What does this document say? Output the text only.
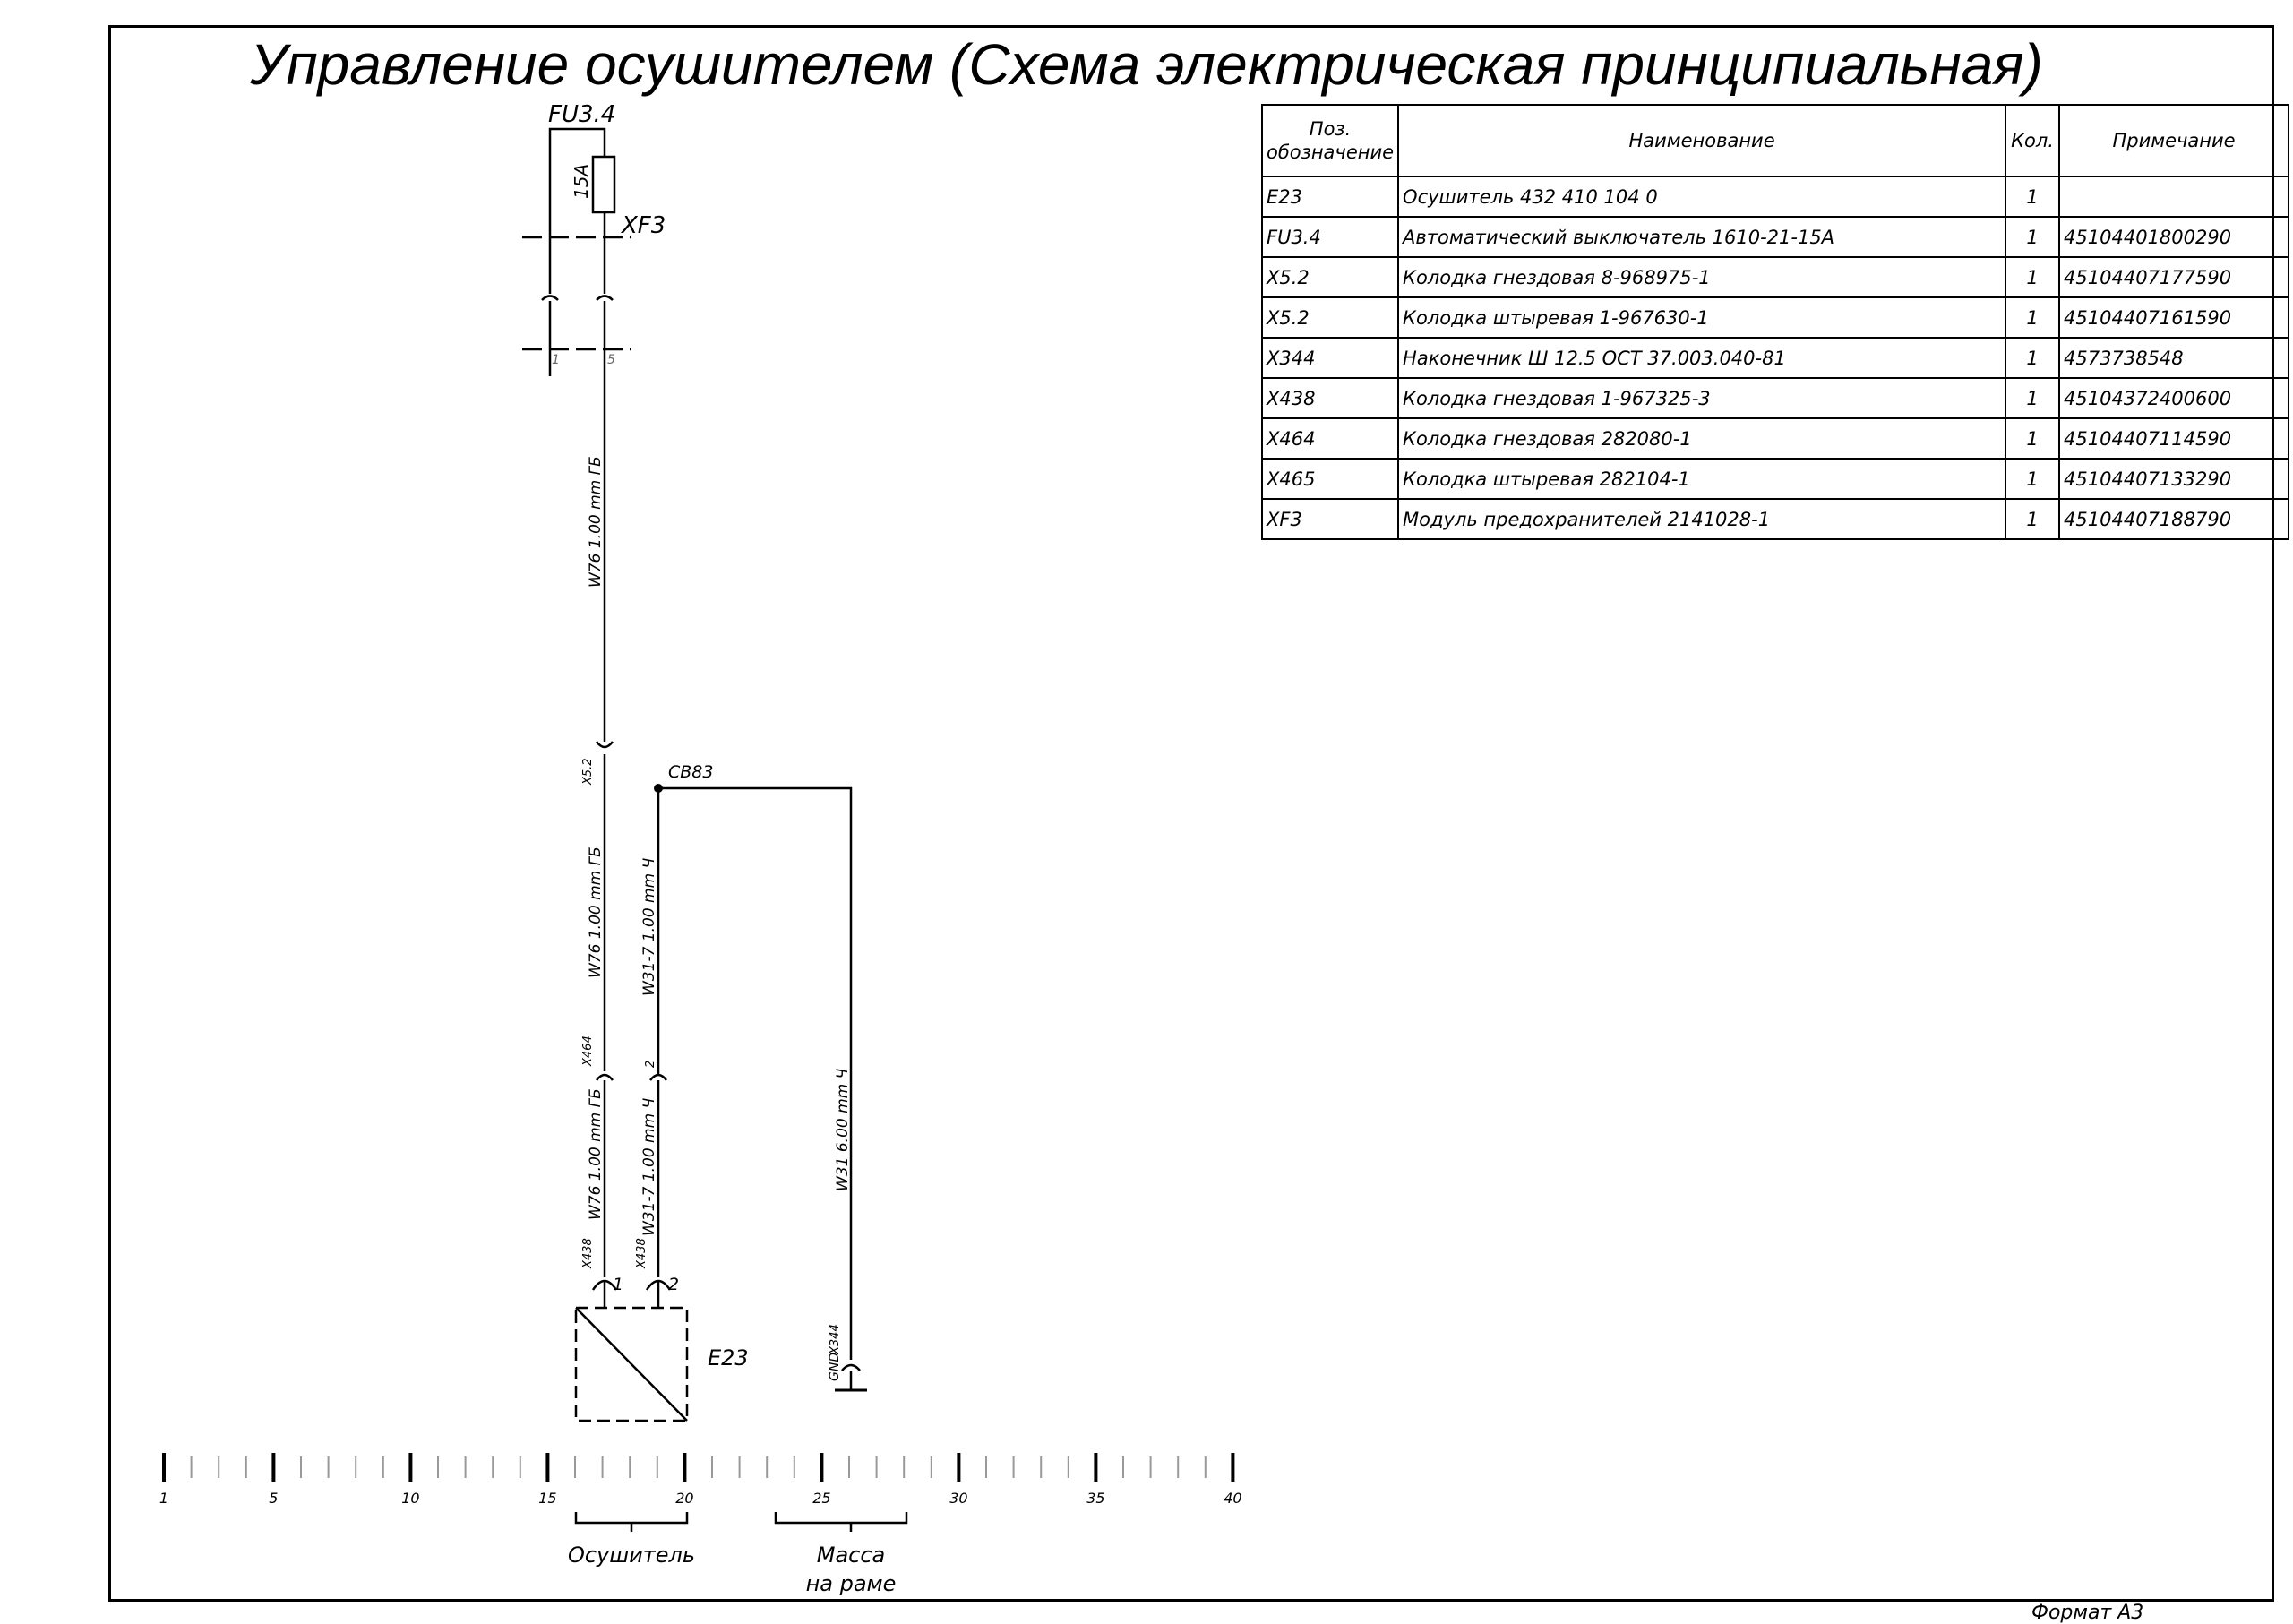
Управление осушителем (Схема электрическая принципиальная)
Поз.
обозначение	Наименование	Кол.	Примечание
E23	Осушитель 432 410 104 0	1	
FU3.4	Автоматический выключатель 1610-21-15А	1	45104401800290
X5.2	Колодка гнездовая 8-968975-1	1	45104407177590
X5.2	Колодка штыревая 1-967630-1	1	45104407161590
X344	Наконечник Ш 12.5 ОСТ 37.003.040-81	1	4573738548
X438	Колодка гнездовая 1-967325-3	1	45104372400600
X464	Колодка гнездовая 282080-1	1	45104407114590
X465	Колодка штыревая 282104-1	1	45104407133290
XF3	Модуль предохранителей 2141028-1	1	45104407188790
1	5	10	15	20	25	30	35	40
FU3.4
15A
XF3
1	5
W76 1.00 mm ГБ
X5.2	CB83
W76 1.00 mm ГБ W31-7 1.00 mm Ч
X464	2
W76 1.00 mm ГБ W31-7 1.00 mm Ч	W31 6.00 mm Ч
X438	X438
1	2
E23
X344
GND
Осушитель	Масса
на раме
Формат А3
